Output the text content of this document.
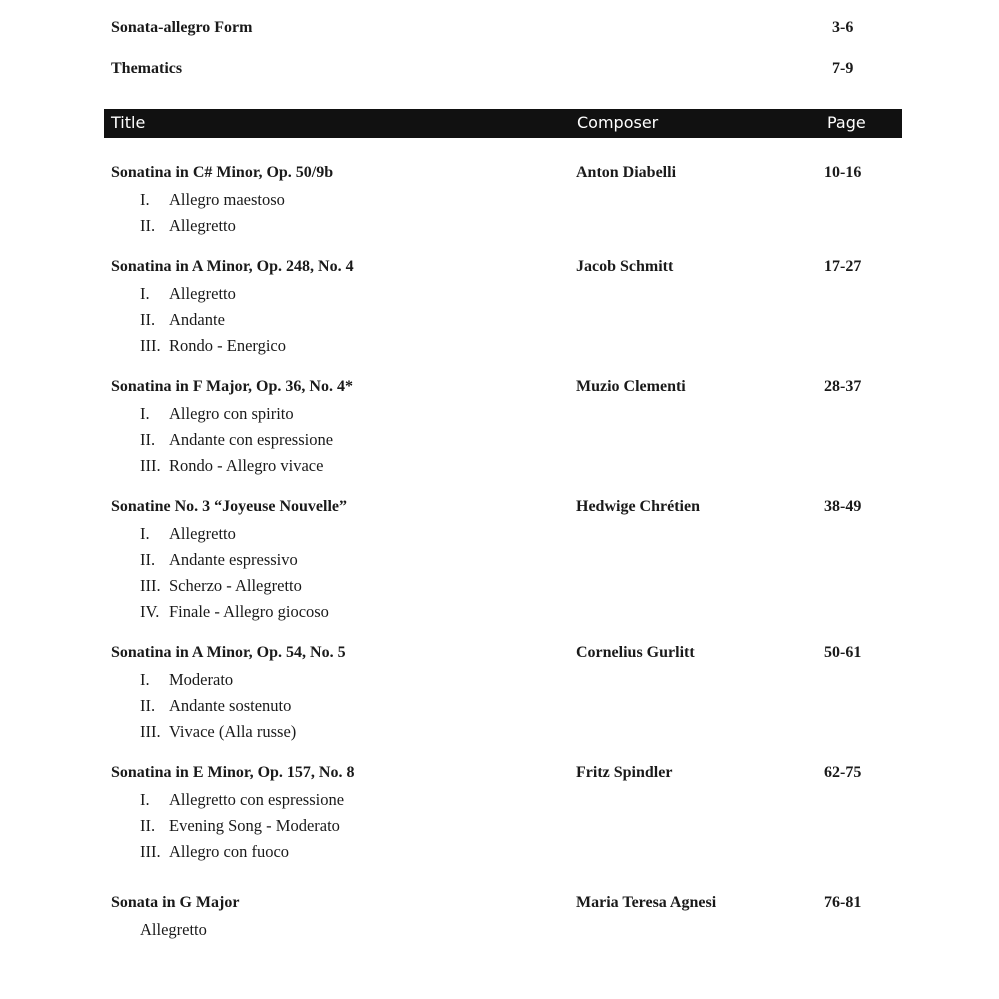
Sonata-allegro Form	3-6
Thematics	7-9
Title	Composer	Page
Sonatina in C# Minor, Op. 50/9b	Anton Diabelli	10-16
I. Allegro maestoso
II. Allegretto
Sonatina in A Minor, Op. 248, No. 4	Jacob Schmitt	17-27
I. Allegretto
II. Andante
III. Rondo - Energico
Sonatina in F Major, Op. 36, No. 4*	Muzio Clementi	28-37
I. Allegro con spirito
II. Andante con espressione
III. Rondo - Allegro vivace
Sonatine No. 3 “Joyeuse Nouvelle”	Hedwige Chrétien	38-49
I. Allegretto
II. Andante espressivo
III. Scherzo - Allegretto
IV. Finale - Allegro giocoso
Sonatina in A Minor, Op. 54, No. 5	Cornelius Gurlitt	50-61
I. Moderato
II. Andante sostenuto
III. Vivace (Alla russe)
Sonatina in E Minor, Op. 157, No. 8	Fritz Spindler	62-75
I. Allegretto con espressione
II. Evening Song - Moderato
III. Allegro con fuoco
Sonata in G Major	Maria Teresa Agnesi	76-81
Allegretto
